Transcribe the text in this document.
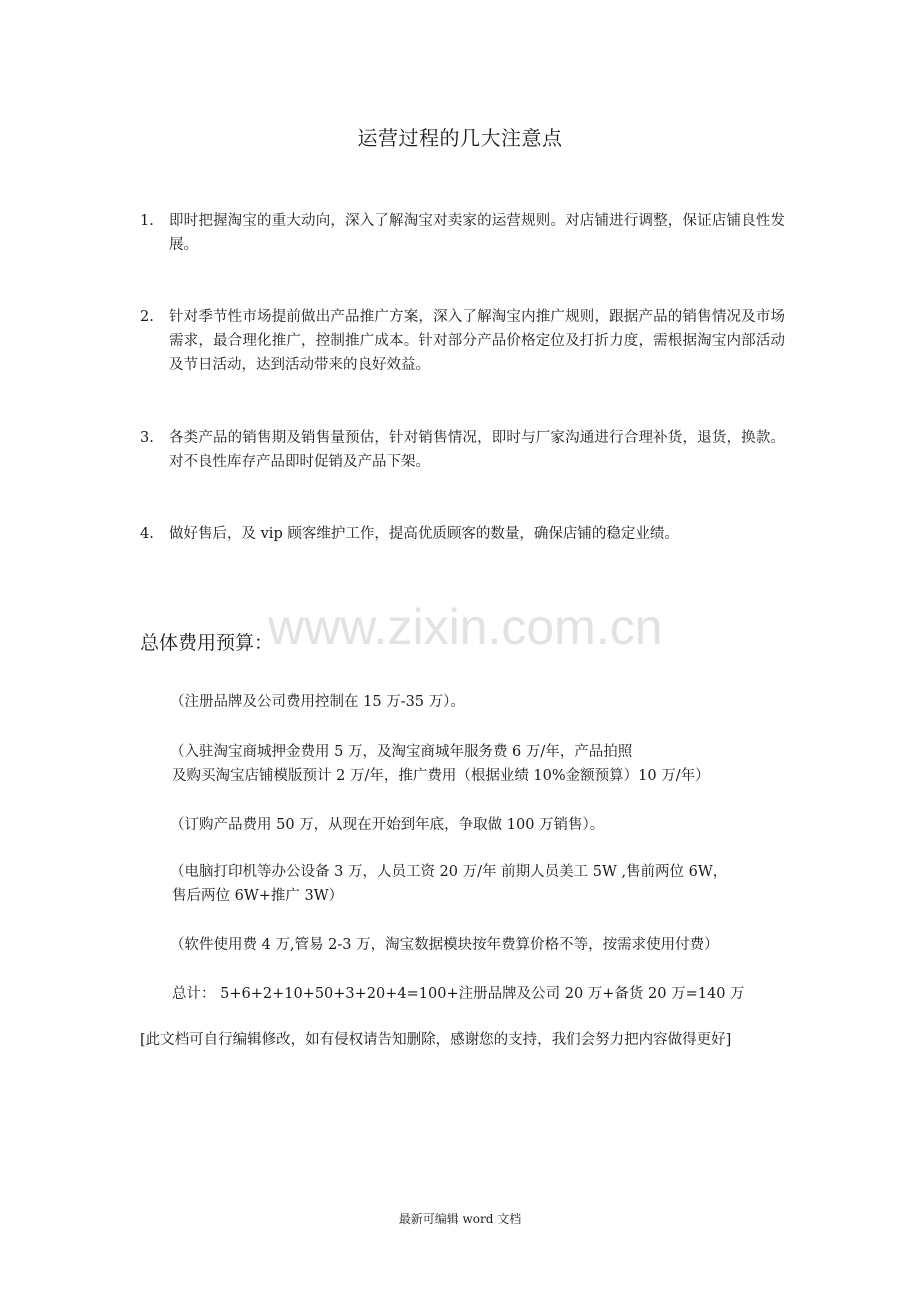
运营过程的几大注意点
1.	即时把握淘宝的重大动向，深入了解淘宝对卖家的运营规则。对店铺进行调整，保证店铺良性发展。
2.	针对季节性市场提前做出产品推广方案，深入了解淘宝内推广规则，跟据产品的销售情况及市场需求，最合理化推广，控制推广成本。针对部分产品价格定位及打折力度，需根据淘宝内部活动及节日活动，达到活动带来的良好效益。
3.	各类产品的销售期及销售量预估，针对销售情况，即时与厂家沟通进行合理补货，退货，换款。对不良性库存产品即时促销及产品下架。
4.	做好售后，及 vip 顾客维护工作，提高优质顾客的数量，确保店铺的稳定业绩。
www.zixin.com.cn
总体费用预算：
（注册品牌及公司费用控制在 15 万-35 万）。
（入驻淘宝商城押金费用 5 万，及淘宝商城年服务费 6 万/年，产品拍照
及购买淘宝店铺模版预计 2 万/年，推广费用（根据业绩 10%金额预算）10 万/年）
（订购产品费用 50 万，从现在开始到年底，争取做 100 万销售）。
（电脑打印机等办公设备 3 万，人员工资 20 万/年 前期人员美工 5W ,售前两位 6W，
售后两位 6W+推广 3W）
（软件使用费 4 万,管易 2-3 万，淘宝数据模块按年费算价格不等，按需求使用付费）
总计： 5+6+2+10+50+3+20+4=100+注册品牌及公司 20 万+备货 20 万=140 万
[此文档可自行编辑修改，如有侵权请告知删除，感谢您的支持，我们会努力把内容做得更好]
最新可编辑 word 文档
